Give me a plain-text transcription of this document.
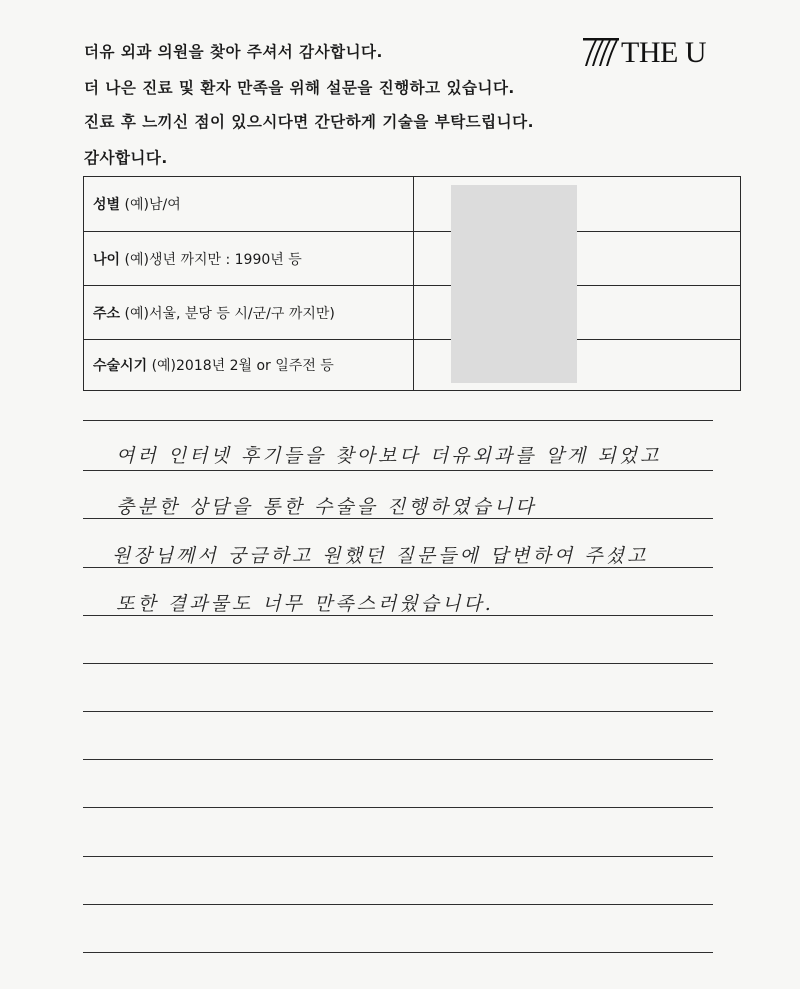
더유 외과 의원을 찾아 주셔서 감사합니다.
더 나은 진료 및 환자 만족을 위해 설문을 진행하고 있습니다.
진료 후 느끼신 점이 있으시다면 간단하게 기술을 부탁드립니다.
감사합니다.
THE U
성별 (예)남/여
나이 (예)생년 까지만 : 1990년 등
주소 (예)서울, 분당 등 시/군/구 까지만)
수술시기 (예)2018년 2월 or 일주전 등
여러 인터넷 후기들을 찾아보다 더유외과를 알게 되었고
충분한 상담을 통한 수술을 진행하였습니다
원장님께서 궁금하고 원했던 질문들에 답변하여 주셨고
또한 결과물도 너무 만족스러웠습니다.
